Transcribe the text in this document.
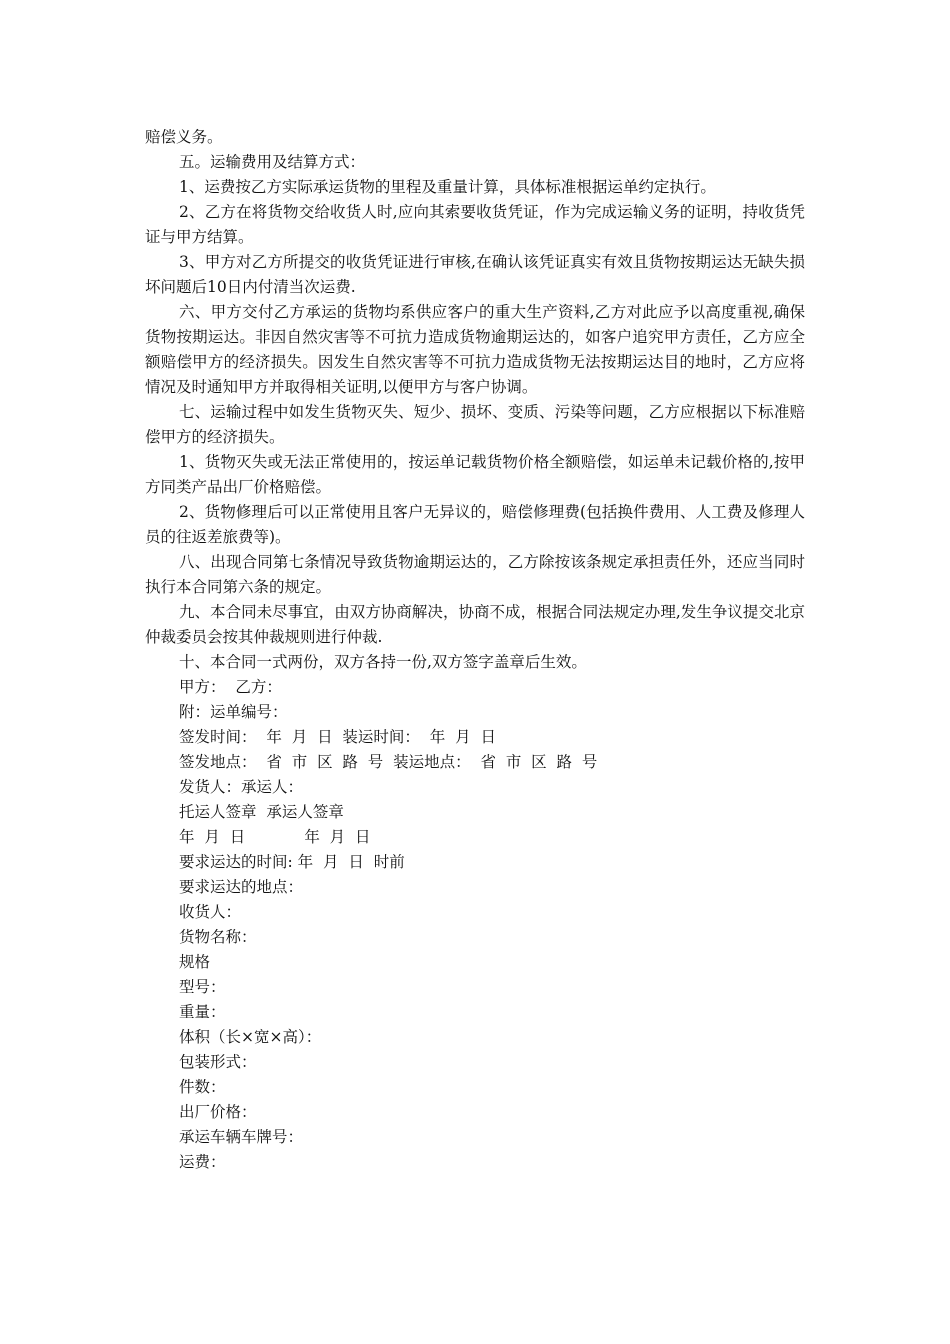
赔偿义务。

五。运输费用及结算方式：

1、运费按乙方实际承运货物的里程及重量计算，具体标准根据运单约定执行。

2、乙方在将货物交给收货人时,应向其索要收货凭证，作为完成运输义务的证明，持收货凭证与甲方结算。

3、甲方对乙方所提交的收货凭证进行审核,在确认该凭证真实有效且货物按期运达无缺失损坏问题后10日内付清当次运费.

六、甲方交付乙方承运的货物均系供应客户的重大生产资料,乙方对此应予以高度重视,确保货物按期运达。非因自然灾害等不可抗力造成货物逾期运达的，如客户追究甲方责任，乙方应全额赔偿甲方的经济损失。因发生自然灾害等不可抗力造成货物无法按期运达目的地时，乙方应将情况及时通知甲方并取得相关证明,以便甲方与客户协调。

七、运输过程中如发生货物灭失、短少、损坏、变质、污染等问题，乙方应根据以下标准赔偿甲方的经济损失。

1、货物灭失或无法正常使用的，按运单记载货物价格全额赔偿，如运单未记载价格的,按甲方同类产品出厂价格赔偿。

2、货物修理后可以正常使用且客户无异议的，赔偿修理费(包括换件费用、人工费及修理人员的往返差旅费等)。

八、出现合同第七条情况导致货物逾期运达的，乙方除按该条规定承担责任外，还应当同时执行本合同第六条的规定。

九、本合同未尽事宜，由双方协商解决，协商不成，根据合同法规定办理,发生争议提交北京仲裁委员会按其仲裁规则进行仲裁.

十、本合同一式两份，双方各持一份,双方签字盖章后生效。

甲方：  乙方：

附：运单编号：

签发时间：  年  月  日  装运时间：  年  月  日

签发地点：  省  市  区  路  号  装运地点：  省  市  区  路  号

发货人：承运人：

托运人签章  承运人签章

年  月  日            年  月  日

要求运达的时间: 年  月  日  时前

要求运达的地点：

收货人：

货物名称：

规格

型号：

重量：

体积（长×宽×高）：

包装形式：

件数：

出厂价格：

承运车辆车牌号：

运费：
